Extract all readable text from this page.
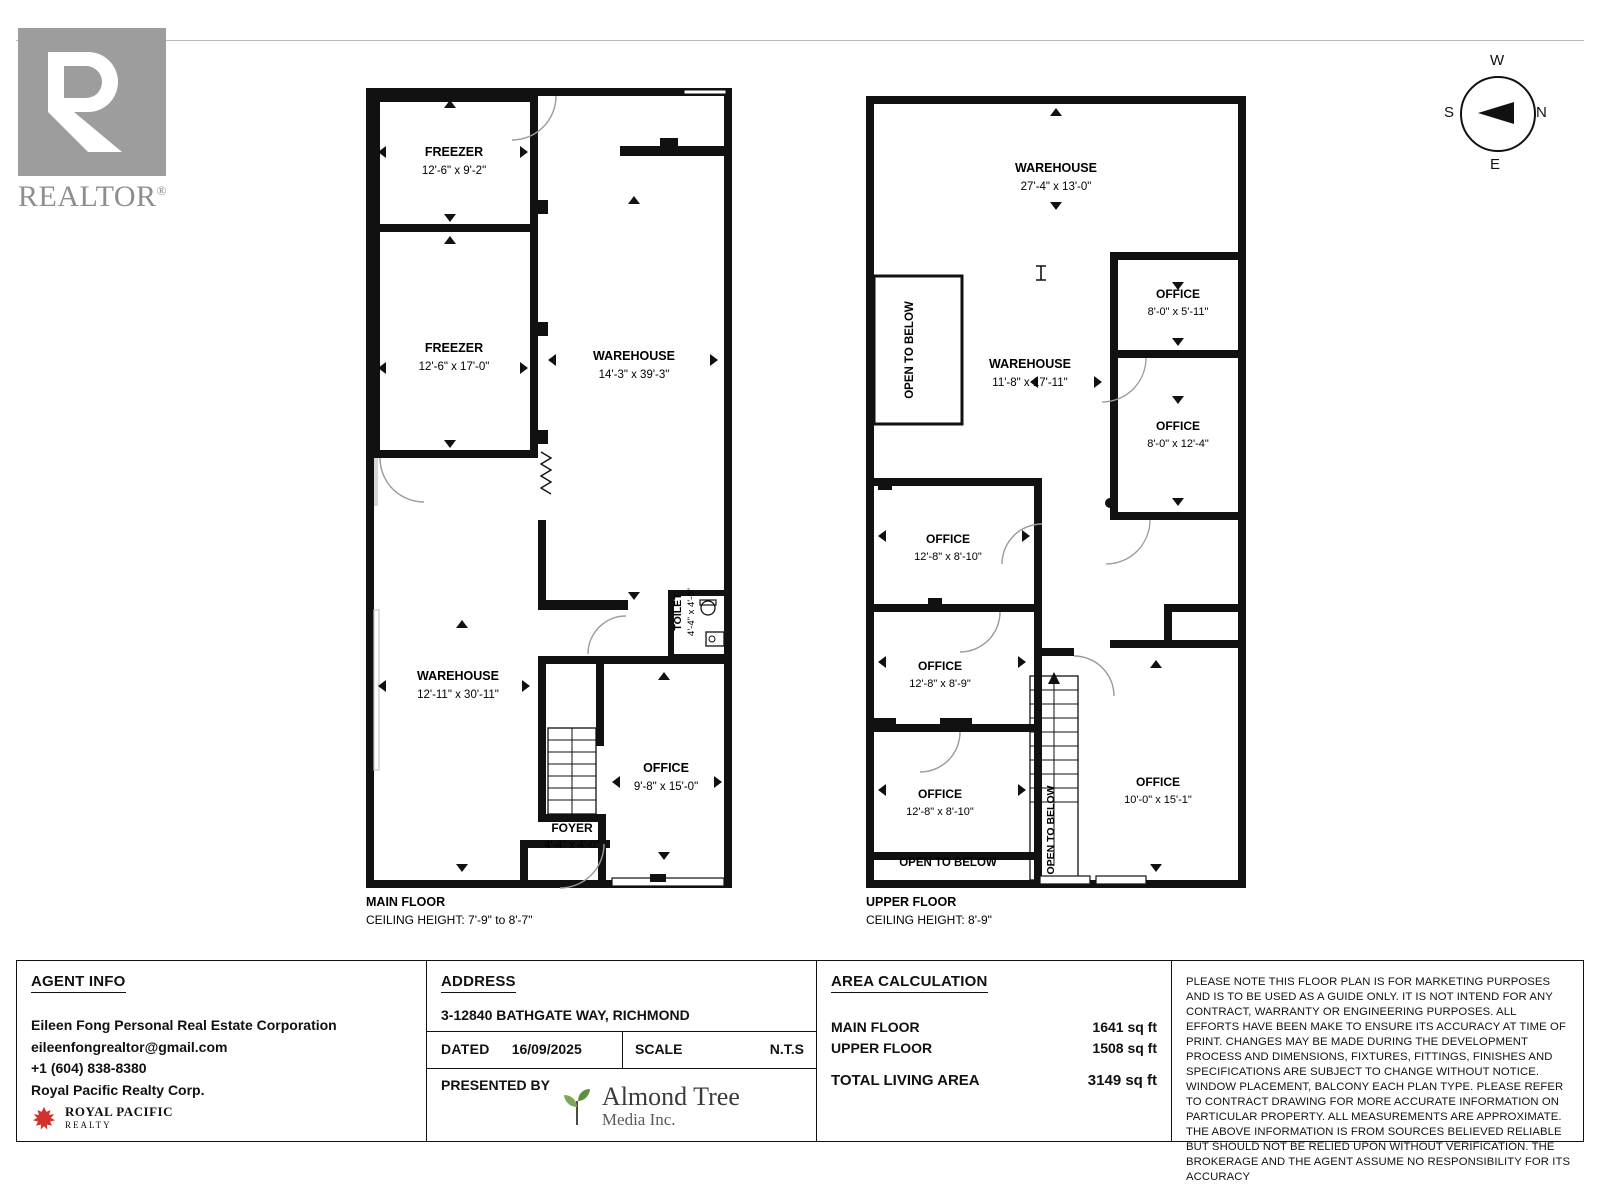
REALTOR®
N
S
W
E
FREEZER
12'-6" x 9'-2"
FREEZER
12'-6" x 17'-0"
WAREHOUSE
14'-3" x 39'-3"
WAREHOUSE
12'-11" x 30'-11"
TOILET 4'-4" x 4'-6"
OFFICE
9'-8" x 15'-0"
FOYER
4'-4" x 4'-0"
MAIN FLOOR
CEILING HEIGHT: 7'-9" to 8'-7"
WAREHOUSE
27'-4" x 13'-0"
WAREHOUSE
11'-8" x 17'-11"
OFFICE
8'-0" x 5'-11"
OFFICE
8'-0" x 12'-4"
OFFICE
12'-8" x 8'-10"
OFFICE
12'-8" x 8'-9"
OFFICE
12'-8" x 8'-10"
OFFICE
10'-0" x 15'-1"
OPEN TO BELOW
OPEN TO BELOW
OPEN TO BELOW
UPPER FLOOR
CEILING HEIGHT: 8'-9"
AGENT INFO
Eileen Fong Personal Real Estate Corporation
eileenfongrealtor@gmail.com
+1 (604) 838-8380
Royal Pacific Realty Corp.
ROYAL PACIFIC
REALTY
ADDRESS
3-12840 BATHGATE WAY, RICHMOND
DATED 16/09/2025	SCALE	N.T.S
PRESENTED BY	Almond Tree
Media Inc.
AREA CALCULATION
MAIN FLOOR	1641 sq ft
UPPER FLOOR	1508 sq ft
TOTAL LIVING AREA	3149 sq ft
PLEASE NOTE THIS FLOOR PLAN IS FOR MARKETING PURPOSES AND IS TO BE USED AS A GUIDE ONLY. IT IS NOT INTEND FOR ANY CONTRACT, WARRANTY OR ENGINEERING PURPOSES. ALL EFFORTS HAVE BEEN MAKE TO ENSURE ITS ACCURACY AT TIME OF PRINT. CHANGES MAY BE MADE DURING THE DEVELOPMENT PROCESS AND DIMENSIONS, FIXTURES, FITTINGS, FINISHES AND SPECIFICATIONS ARE SUBJECT TO CHANGE WITHOUT NOTICE. WINDOW PLACEMENT, BALCONY EACH PLAN TYPE. PLEASE REFER TO CONTRACT DRAWING FOR MORE ACCURATE INFORMATION ON PARTICULAR PROPERTY. ALL MEASUREMENTS ARE APPROXIMATE. THE ABOVE INFORMATION IS FROM SOURCES BELIEVED RELIABLE BUT SHOULD NOT BE RELIED UPON WITHOUT VERIFICATION. THE BROKERAGE AND THE AGENT ASSUME NO RESPONSIBILITY FOR ITS ACCURACY
